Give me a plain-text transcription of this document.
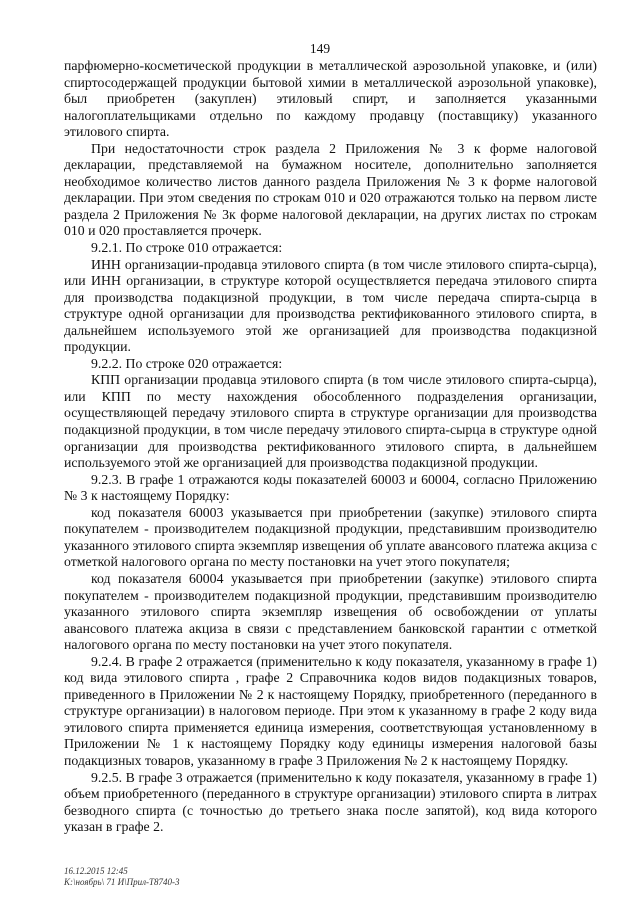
149

парфюмерно-косметической продукции в металлической аэрозольной упаковке, и (или) спиртосодержащей продукции бытовой химии в металлической аэрозольной упаковке), был приобретен (закуплен) этиловый спирт, и заполняется указанными налогоплательщиками отдельно по каждому продавцу (поставщику) указанного этилового спирта.

При недостаточности строк раздела 2 Приложения № 3 к форме налоговой декларации, представляемой на бумажном носителе, дополнительно заполняется необходимое количество листов данного раздела Приложения № 3 к форме налоговой декларации. При этом сведения по строкам 010 и 020 отражаются только на первом листе раздела 2 Приложения № 3к форме налоговой декларации, на других листах по строкам 010 и 020 проставляется прочерк.

9.2.1. По строке 010 отражается:

ИНН организации-продавца этилового спирта (в том числе этилового спирта-сырца), или ИНН организации, в структуре которой осуществляется передача этилового спирта для производства подакцизной продукции, в том числе передача спирта-сырца в структуре одной организации для производства ректификованного этилового спирта, в дальнейшем используемого этой же организацией для производства подакцизной продукции.

9.2.2. По строке 020 отражается:

КПП организации продавца этилового спирта (в том числе этилового спирта-сырца), или КПП по месту нахождения обособленного подразделения организации, осуществляющей передачу этилового спирта в структуре организации для производства подакцизной продукции, в том числе передачу этилового спирта-сырца в структуре одной организации для производства ректификованного этилового спирта, в дальнейшем используемого этой же организацией для производства подакцизной продукции.

9.2.3. В графе 1 отражаются коды показателей 60003 и 60004, согласно Приложению № 3 к настоящему Порядку:

код показателя 60003 указывается при приобретении (закупке) этилового спирта покупателем - производителем подакцизной продукции, представившим производителю указанного этилового спирта экземпляр извещения об уплате авансового платежа акциза с отметкой налогового органа по месту постановки на учет этого покупателя;

код показателя 60004 указывается при приобретении (закупке) этилового спирта покупателем - производителем подакцизной продукции, представившим производителю указанного этилового спирта экземпляр извещения об освобождении от уплаты авансового платежа акциза в связи с представлением банковской гарантии с отметкой налогового органа по месту постановки на учет этого покупателя.

9.2.4. В графе 2 отражается (применительно к коду показателя, указанному в графе 1) код вида этилового спирта , графе 2 Справочника кодов видов подакцизных товаров, приведенного в Приложении № 2 к настоящему Порядку, приобретенного (переданного в структуре организации) в налоговом периоде. При этом к указанному в графе 2 коду вида этилового спирта применяется единица измерения, соответствующая установленному в Приложении № 1 к настоящему Порядку коду единицы измерения налоговой базы подакцизных товаров, указанному в графе 3 Приложения № 2 к настоящему Порядку.

9.2.5. В графе 3 отражается (применительно к коду показателя, указанному в графе 1) объем приобретенного (переданного в структуре организации) этилового спирта в литрах безводного спирта (с точностью до третьего знака после запятой), код вида которого указан в графе 2.

16.12.2015 12:45
К:\ноябрь\ 71 И\Прил-Т8740-3
